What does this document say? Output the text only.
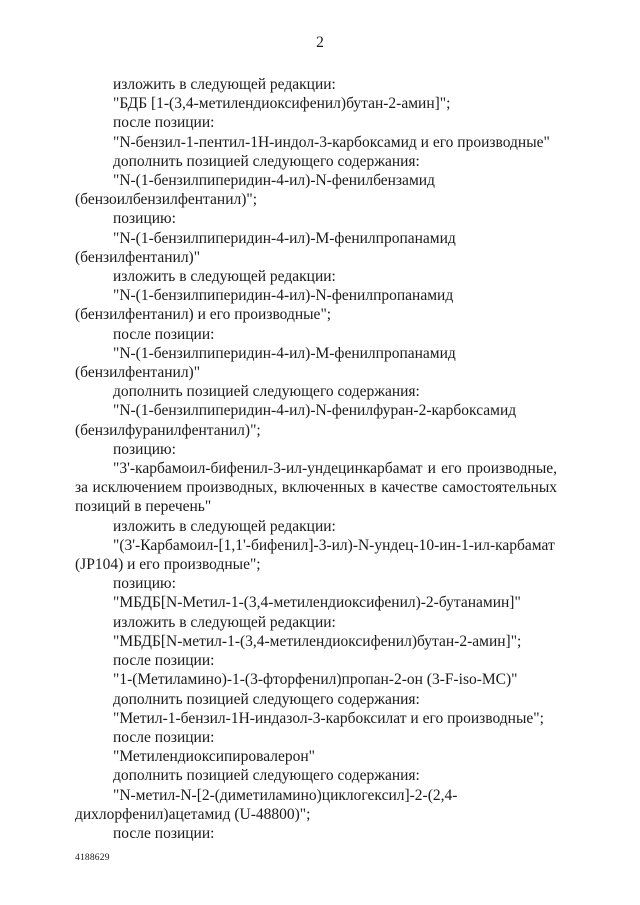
2

изложить в следующей редакции:

"БДБ [1-(3,4-метилендиоксифенил)бутан-2-амин]";

после позиции:

"N-бензил-1-пентил-1Н-индол-3-карбоксамид и его производные"

дополнить позицией следующего содержания:

"N-(1-бензилпиперидин-4-ил)-N-фенилбензамид (бензоилбензилфентанил)";

позицию:

"N-(1-бензилпиперидин-4-ил)-М-фенилпропанамид (бензилфентанил)"

изложить в следующей редакции:

"N-(1-бензилпиперидин-4-ил)-N-фенилпропанамид (бензилфентанил) и его производные";

после позиции:

"N-(1-бензилпиперидин-4-ил)-М-фенилпропанамид (бензилфентанил)"

дополнить позицией следующего содержания:

"N-(1-бензилпиперидин-4-ил)-N-фенилфуран-2-карбоксамид (бензилфуранилфентанил)";

позицию:

"3'-карбамоил-бифенил-3-ил-ундецинкарбамат и его производные, за исключением производных, включенных в качестве самостоятельных позиций в перечень"

изложить в следующей редакции:

"(3'-Карбамоил-[1,1'-бифенил]-3-ил)-N-ундец-10-ин-1-ил-карбамат (JP104) и его производные";

позицию:

"МБДБ[N-Метил-1-(3,4-метилендиоксифенил)-2-бутанамин]"

изложить в следующей редакции:

"МБДБ[N-метил-1-(3,4-метилендиоксифенил)бутан-2-амин]";

после позиции:

"1-(Метиламино)-1-(3-фторфенил)пропан-2-он (3-F-iso-MC)"

дополнить позицией следующего содержания:

"Метил-1-бензил-1Н-индазол-3-карбоксилат и его производные";

после позиции:

"Метилендиоксипировалерон"

дополнить позицией следующего содержания:

"N-метил-N-[2-(диметиламино)циклогексил]-2-(2,4-дихлорфенил)ацетамид (U-48800)";

после позиции:

4188629
